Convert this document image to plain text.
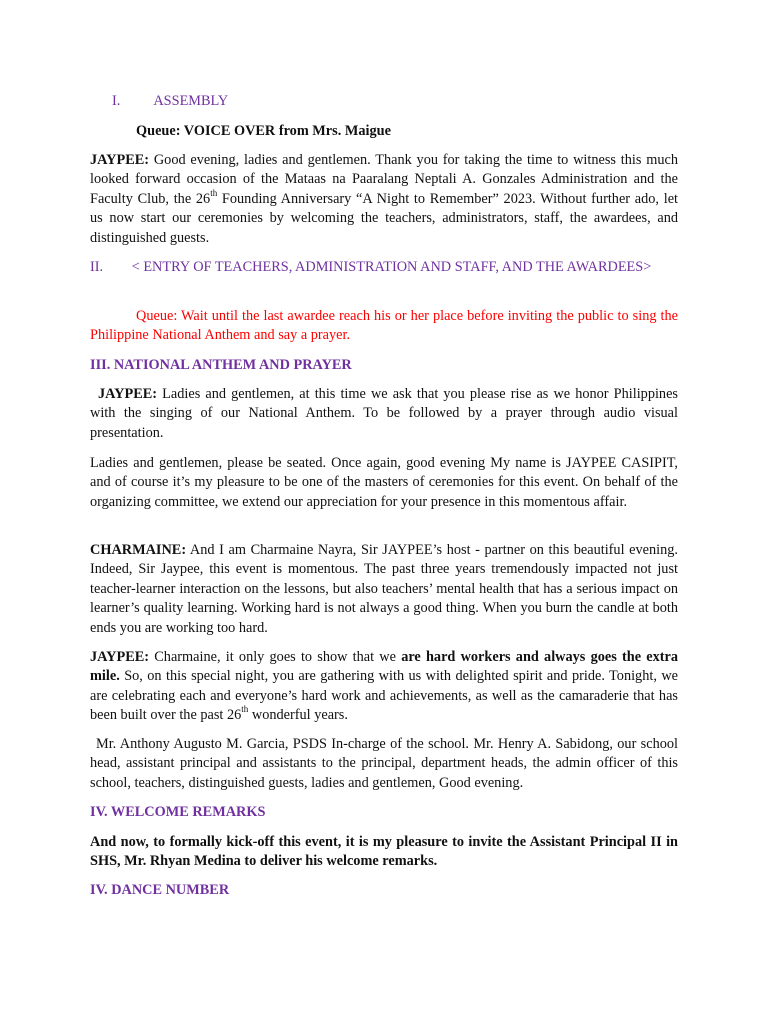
I. ASSEMBLY
Queue: VOICE OVER from Mrs. Maigue

JAYPEE: Good evening, ladies and gentlemen. Thank you for taking the time to witness this much looked forward occasion of the Mataas na Paaralang Neptali A. Gonzales Administration and the Faculty Club, the 26th Founding Anniversary “A Night to Remember” 2023. Without further ado, let us now start our ceremonies by welcoming the teachers, administrators, staff, the awardees, and distinguished guests.

II.        < ENTRY OF TEACHERS, ADMINISTRATION AND STAFF, AND THE AWARDEES>

Queue: Wait until the last awardee reach his or her place before inviting the public to sing the Philippine National Anthem and say a prayer.

III. NATIONAL ANTHEM AND PRAYER

JAYPEE: Ladies and gentlemen, at this time we ask that you please rise as we honor Philippines with the singing of our National Anthem. To be followed by a prayer through audio visual presentation.

Ladies and gentlemen, please be seated. Once again, good evening My name is JAYPEE CASIPIT, and of course it’s my pleasure to be one of the masters of ceremonies for this event. On behalf of the organizing committee, we extend our appreciation for your presence in this momentous affair.

CHARMAINE: And I am Charmaine Nayra, Sir JAYPEE’s host - partner on this beautiful evening. Indeed, Sir Jaypee, this event is momentous. The past three years tremendously impacted not just teacher-learner interaction on the lessons, but also teachers’ mental health that has a serious impact on learner’s quality learning. Working hard is not always a good thing. When you burn the candle at both ends you are working too hard.

JAYPEE: Charmaine, it only goes to show that we are hard workers and always goes the extra mile. So, on this special night, you are gathering with us with delighted spirit and pride. Tonight, we are celebrating each and everyone’s hard work and achievements, as well as the camaraderie that has been built over the past 26th wonderful years.

Mr. Anthony Augusto M. Garcia, PSDS In-charge of the school. Mr. Henry A. Sabidong, our school head, assistant principal and assistants to the principal, department heads, the admin officer of this school, teachers, distinguished guests, ladies and gentlemen, Good evening.

IV. WELCOME REMARKS

And now, to formally kick-off this event, it is my pleasure to invite the Assistant Principal II in SHS, Mr. Rhyan Medina to deliver his welcome remarks.

IV. DANCE NUMBER
